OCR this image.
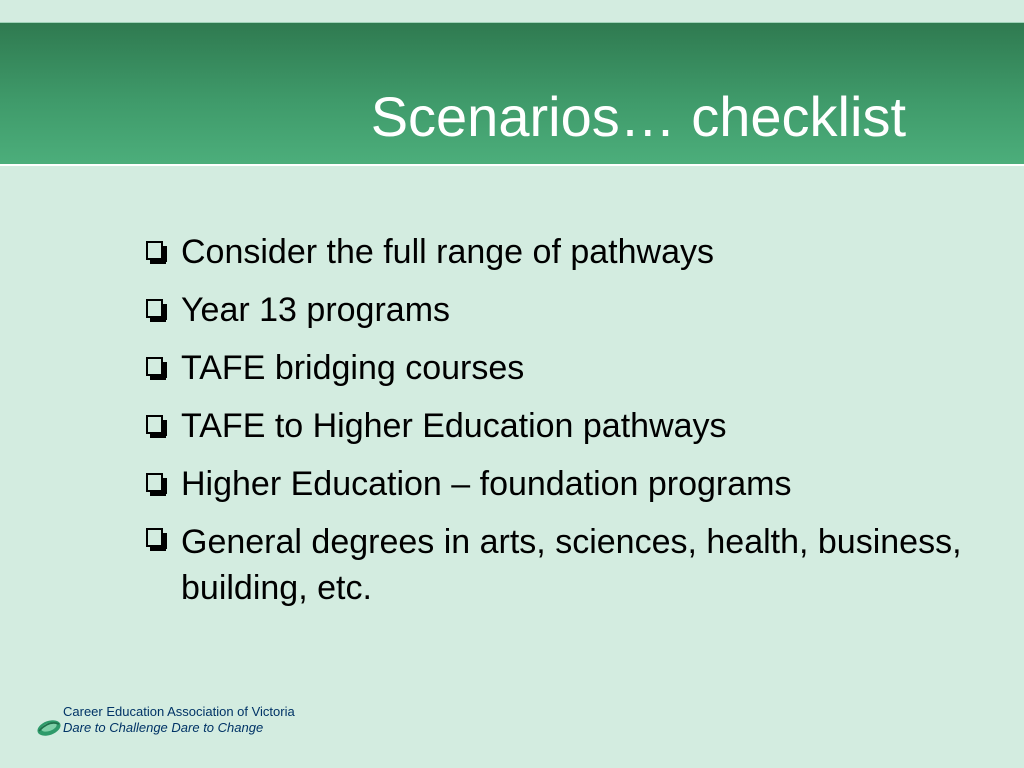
Scenarios… checklist
Consider the full range of pathways
Year 13 programs
TAFE bridging courses
TAFE to Higher Education pathways
Higher Education – foundation programs
General degrees in arts, sciences, health, business, building, etc.
Career Education Association of Victoria
Dare to Challenge Dare to Change
